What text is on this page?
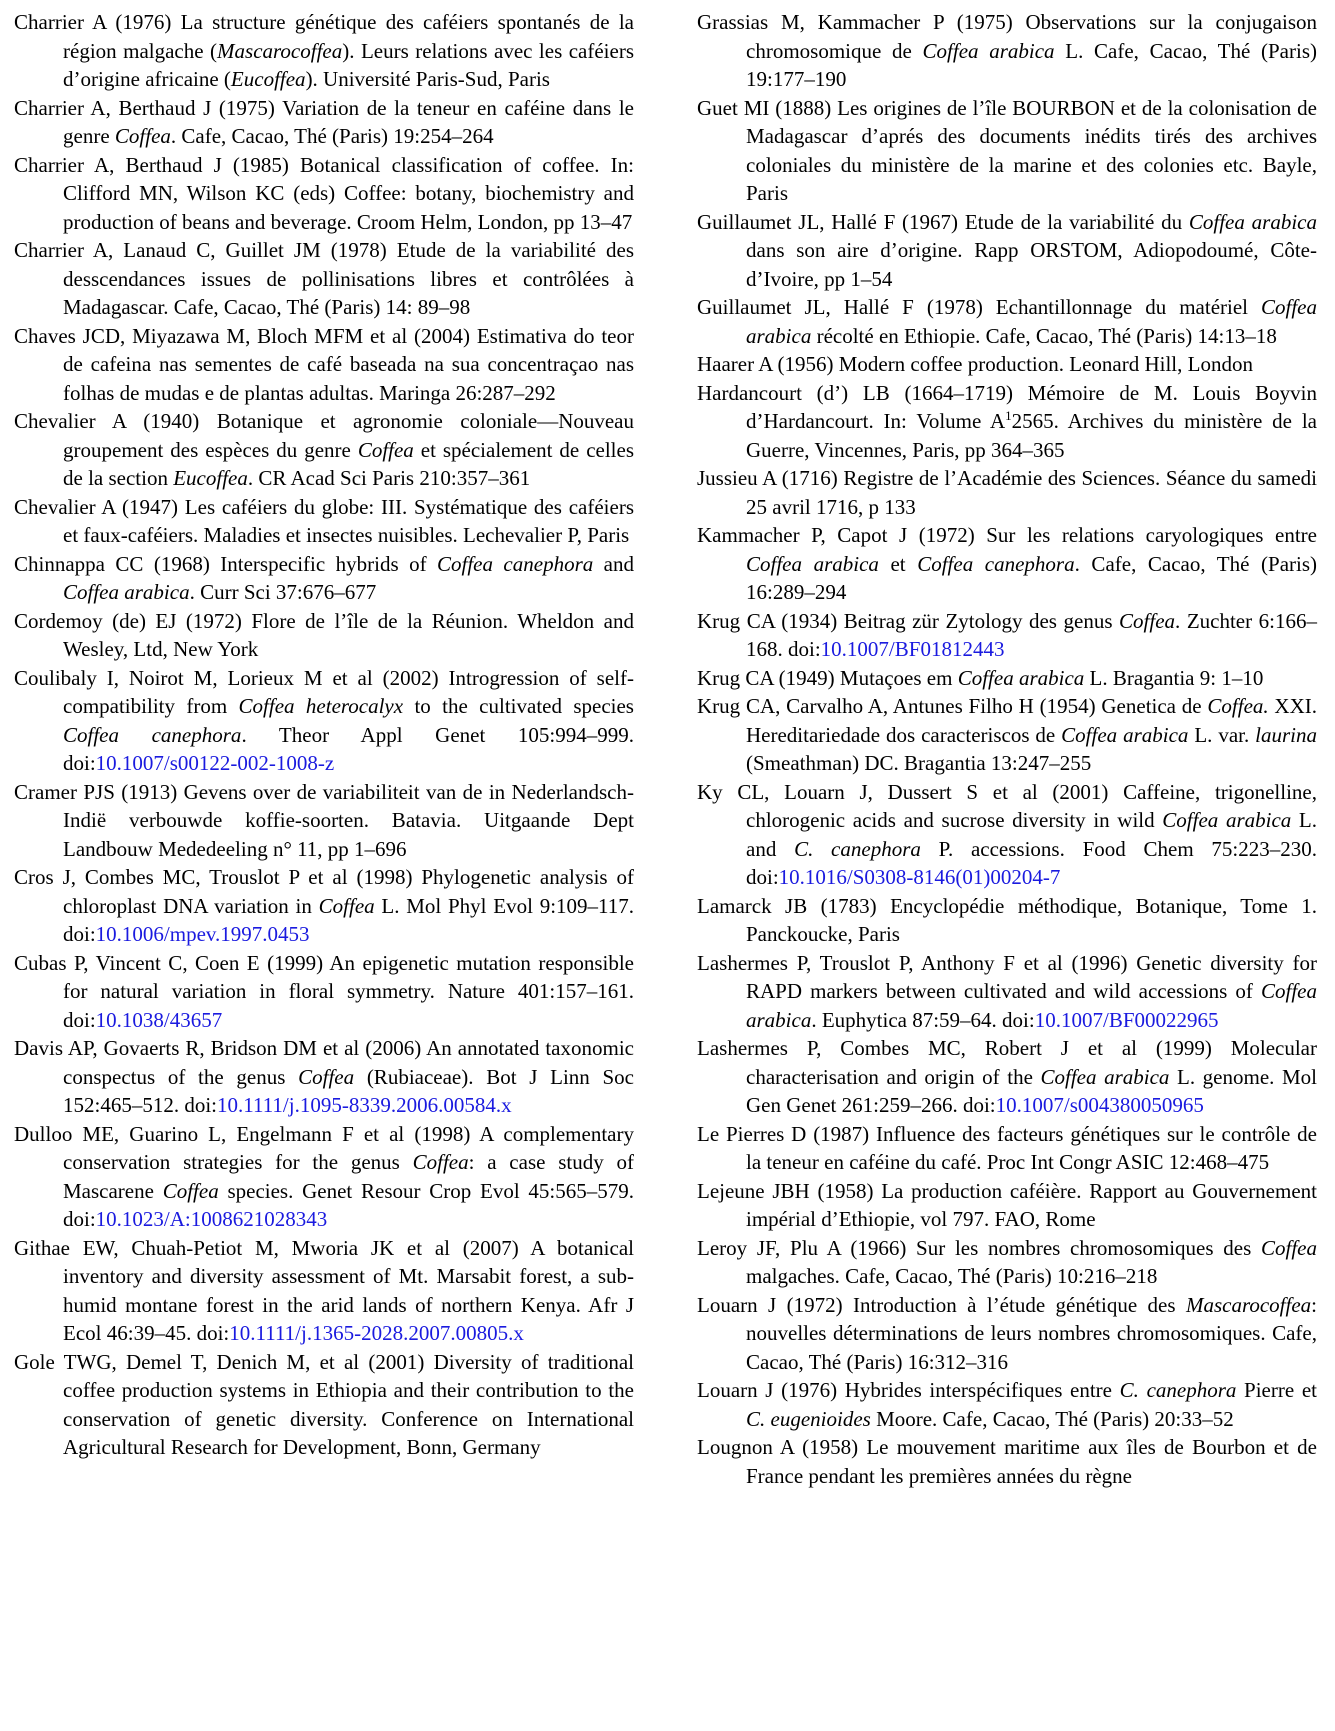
Charrier A (1976) La structure génétique des caféiers spontanés de la région malgache (Mascarocoffea). Leurs relations avec les caféiers d’origine africaine (Eucoffea). Université Paris-Sud, Paris

Charrier A, Berthaud J (1975) Variation de la teneur en caféine dans le genre Coffea. Cafe, Cacao, Thé (Paris) 19:254–264

Charrier A, Berthaud J (1985) Botanical classification of coffee. In: Clifford MN, Wilson KC (eds) Coffee: botany, biochemistry and production of beans and beverage. Croom Helm, London, pp 13–47

Charrier A, Lanaud C, Guillet JM (1978) Etude de la variabilité des desscendances issues de pollinisations libres et contrôlées à Madagascar. Cafe, Cacao, Thé (Paris) 14: 89–98

Chaves JCD, Miyazawa M, Bloch MFM et al (2004) Estimativa do teor de cafeina nas sementes de café baseada na sua concentraçao nas folhas de mudas e de plantas adultas. Maringa 26:287–292

Chevalier A (1940) Botanique et agronomie coloniale—Nouveau groupement des espèces du genre Coffea et spécialement de celles de la section Eucoffea. CR Acad Sci Paris 210:357–361

Chevalier A (1947) Les caféiers du globe: III. Systématique des caféiers et faux-caféiers. Maladies et insectes nuisibles. Lechevalier P, Paris

Chinnappa CC (1968) Interspecific hybrids of Coffea canephora and Coffea arabica. Curr Sci 37:676–677

Cordemoy (de) EJ (1972) Flore de l’île de la Réunion. Wheldon and Wesley, Ltd, New York

Coulibaly I, Noirot M, Lorieux M et al (2002) Introgression of self-compatibility from Coffea heterocalyx to the cultivated species Coffea canephora. Theor Appl Genet 105:994–999. doi:10.1007/s00122-002-1008-z

Cramer PJS (1913) Gevens over de variabiliteit van de in Nederlandsch-Indië verbouwde koffie-soorten. Batavia. Uitgaande Dept Landbouw Mededeeling n° 11, pp 1–696

Cros J, Combes MC, Trouslot P et al (1998) Phylogenetic analysis of chloroplast DNA variation in Coffea L. Mol Phyl Evol 9:109–117. doi:10.1006/mpev.1997.0453

Cubas P, Vincent C, Coen E (1999) An epigenetic mutation responsible for natural variation in floral symmetry. Nature 401:157–161. doi:10.1038/43657

Davis AP, Govaerts R, Bridson DM et al (2006) An annotated taxonomic conspectus of the genus Coffea (Rubiaceae). Bot J Linn Soc 152:465–512. doi:10.1111/j.1095-8339.2006.00584.x

Dulloo ME, Guarino L, Engelmann F et al (1998) A complementary conservation strategies for the genus Coffea: a case study of Mascarene Coffea species. Genet Resour Crop Evol 45:565–579. doi:10.1023/A:1008621028343

Githae EW, Chuah-Petiot M, Mworia JK et al (2007) A botanical inventory and diversity assessment of Mt. Marsabit forest, a sub-humid montane forest in the arid lands of northern Kenya. Afr J Ecol 46:39–45. doi:10.1111/j.1365-2028.2007.00805.x

Gole TWG, Demel T, Denich M, et al (2001) Diversity of traditional coffee production systems in Ethiopia and their contribution to the conservation of genetic diversity. Conference on International Agricultural Research for Development, Bonn, Germany

Grassias M, Kammacher P (1975) Observations sur la conjugaison chromosomique de Coffea arabica L. Cafe, Cacao, Thé (Paris) 19:177–190

Guet MI (1888) Les origines de l’île BOURBON et de la colonisation de Madagascar d’aprés des documents inédits tirés des archives coloniales du ministère de la marine et des colonies etc. Bayle, Paris

Guillaumet JL, Hallé F (1967) Etude de la variabilité du Coffea arabica dans son aire d’origine. Rapp ORSTOM, Adiopodoumé, Côte-d’Ivoire, pp 1–54

Guillaumet JL, Hallé F (1978) Echantillonnage du matériel Coffea arabica récolté en Ethiopie. Cafe, Cacao, Thé (Paris) 14:13–18

Haarer A (1956) Modern coffee production. Leonard Hill, London

Hardancourt (d’) LB (1664–1719) Mémoire de M. Louis Boyvin d’Hardancourt. In: Volume $A^12565$. Archives du ministère de la Guerre, Vincennes, Paris, pp 364–365

Jussieu A (1716) Registre de l’Académie des Sciences. Séance du samedi 25 avril 1716, p 133

Kammacher P, Capot J (1972) Sur les relations caryologiques entre Coffea arabica et Coffea canephora. Cafe, Cacao, Thé (Paris) 16:289–294

Krug CA (1934) Beitrag zür Zytology des genus Coffea. Zuchter 6:166–168. doi:10.1007/BF01812443

Krug CA (1949) Mutaçoes em Coffea arabica L. Bragantia 9: 1–10

Krug CA, Carvalho A, Antunes Filho H (1954) Genetica de Coffea. XXI. Hereditariedade dos caracteriscos de Coffea arabica L. var. laurina (Smeathman) DC. Bragantia 13:247–255

Ky CL, Louarn J, Dussert S et al (2001) Caffeine, trigonelline, chlorogenic acids and sucrose diversity in wild Coffea arabica L. and C. canephora P. accessions. Food Chem 75:223–230. doi:10.1016/S0308-8146(01)00204-7

Lamarck JB (1783) Encyclopédie méthodique, Botanique, Tome 1. Panckoucke, Paris

Lashermes P, Trouslot P, Anthony F et al (1996) Genetic diversity for RAPD markers between cultivated and wild accessions of Coffea arabica. Euphytica 87:59–64. doi:10.1007/BF00022965

Lashermes P, Combes MC, Robert J et al (1999) Molecular characterisation and origin of the Coffea arabica L. genome. Mol Gen Genet 261:259–266. doi:10.1007/s004380050965

Le Pierres D (1987) Influence des facteurs génétiques sur le contrôle de la teneur en caféine du café. Proc Int Congr ASIC 12:468–475

Lejeune JBH (1958) La production caféière. Rapport au Gouvernement impérial d’Ethiopie, vol 797. FAO, Rome

Leroy JF, Plu A (1966) Sur les nombres chromosomiques des Coffea malgaches. Cafe, Cacao, Thé (Paris) 10:216–218

Louarn J (1972) Introduction à l’étude génétique des Mascarocoffea: nouvelles déterminations de leurs nombres chromosomiques. Cafe, Cacao, Thé (Paris) 16:312–316

Louarn J (1976) Hybrides interspécifiques entre C. canephora Pierre et C. eugenioides Moore. Cafe, Cacao, Thé (Paris) 20:33–52

Lougnon A (1958) Le mouvement maritime aux îles de Bourbon et de France pendant les premières années du règne
